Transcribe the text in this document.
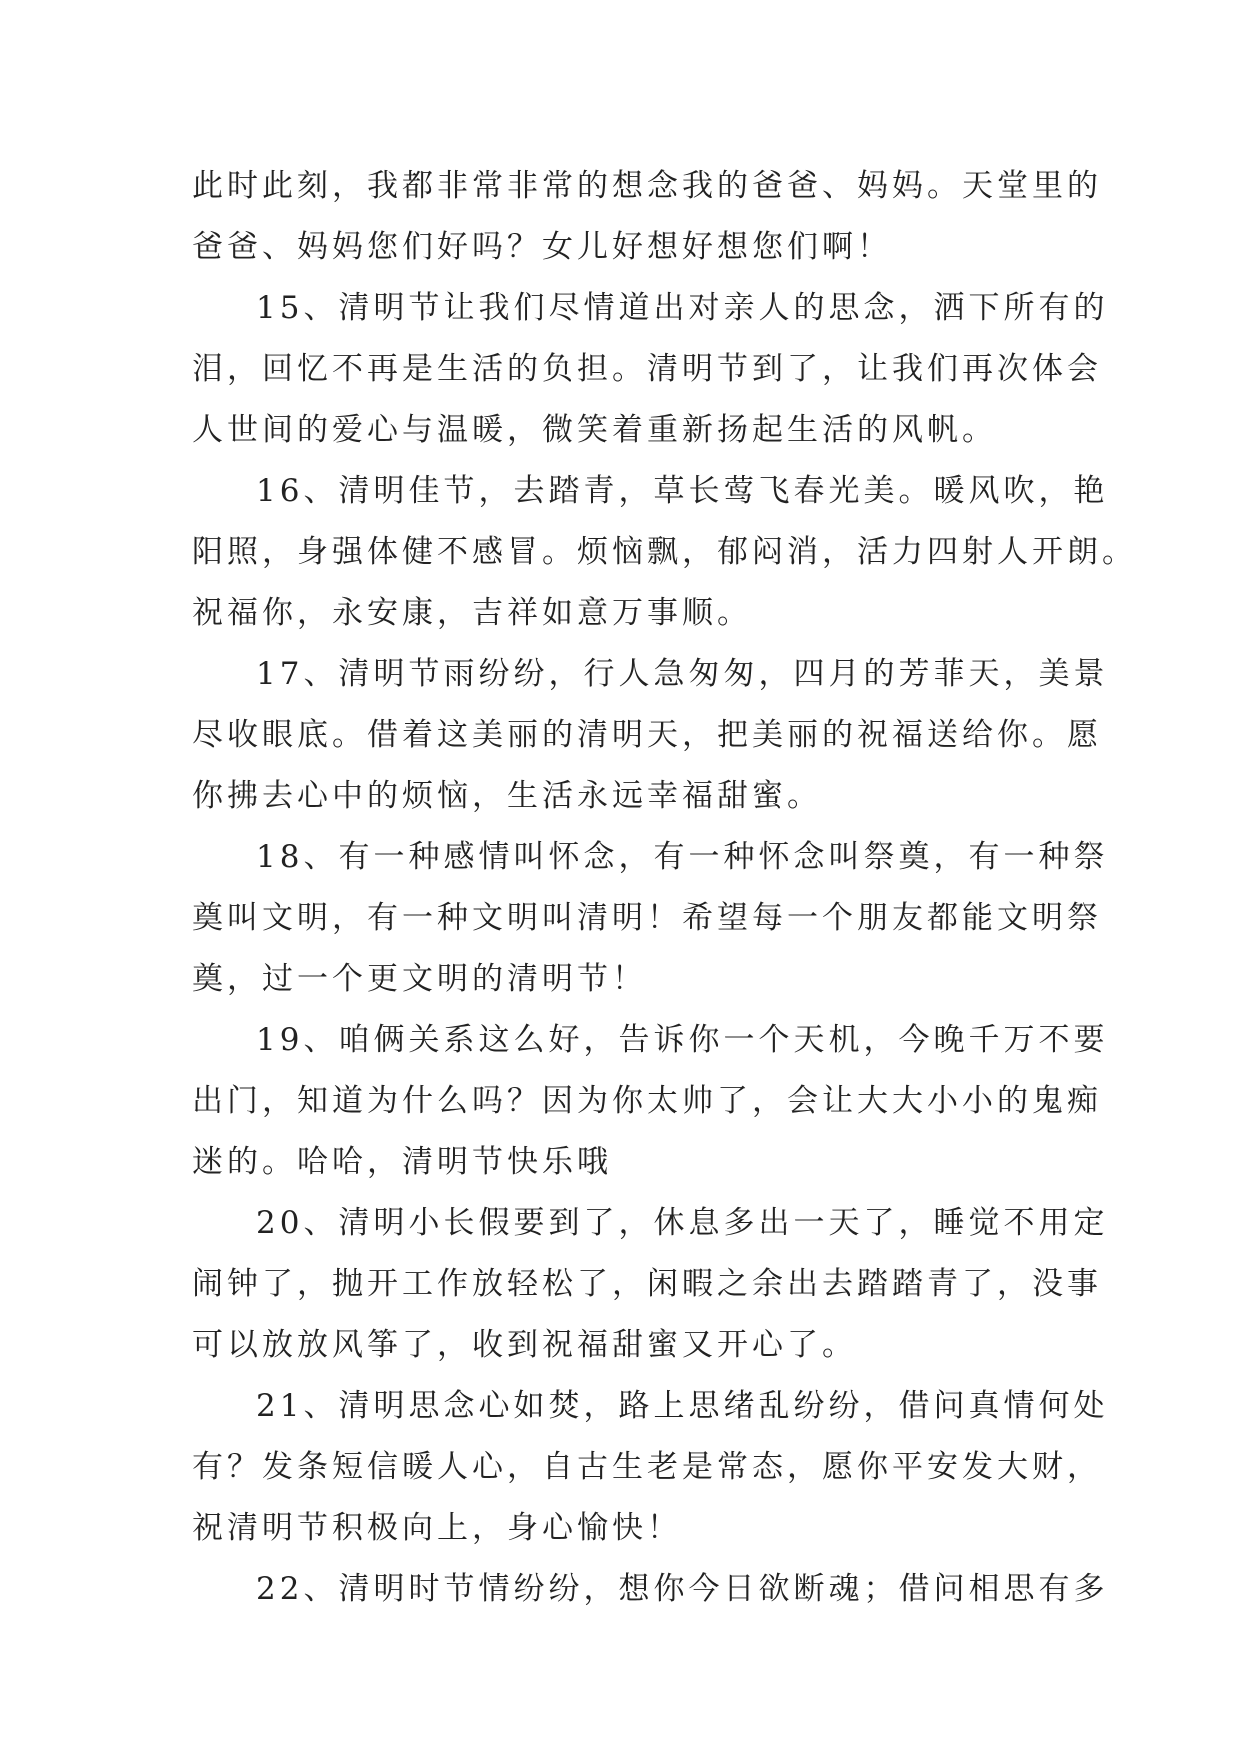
此时此刻，我都非常非常的想念我的爸爸、妈妈。天堂里的
爸爸、妈妈您们好吗？女儿好想好想您们啊！
15、清明节让我们尽情道出对亲人的思念，洒下所有的
泪，回忆不再是生活的负担。清明节到了，让我们再次体会
人世间的爱心与温暖，微笑着重新扬起生活的风帆。
16、清明佳节，去踏青，草长莺飞春光美。暖风吹，艳
阳照，身强体健不感冒。烦恼飘，郁闷消，活力四射人开朗。
祝福你，永安康，吉祥如意万事顺。
17、清明节雨纷纷，行人急匆匆，四月的芳菲天，美景
尽收眼底。借着这美丽的清明天，把美丽的祝福送给你。愿
你拂去心中的烦恼，生活永远幸福甜蜜。
18、有一种感情叫怀念，有一种怀念叫祭奠，有一种祭
奠叫文明，有一种文明叫清明！希望每一个朋友都能文明祭
奠，过一个更文明的清明节！
19、咱俩关系这么好，告诉你一个天机，今晚千万不要
出门，知道为什么吗？因为你太帅了，会让大大小小的鬼痴
迷的。哈哈，清明节快乐哦
20、清明小长假要到了，休息多出一天了，睡觉不用定
闹钟了，抛开工作放轻松了，闲暇之余出去踏踏青了，没事
可以放放风筝了，收到祝福甜蜜又开心了。
21、清明思念心如焚，路上思绪乱纷纷，借问真情何处
有？发条短信暖人心，自古生老是常态，愿你平安发大财，
祝清明节积极向上，身心愉快！
22、清明时节情纷纷，想你今日欲断魂；借问相思有多
